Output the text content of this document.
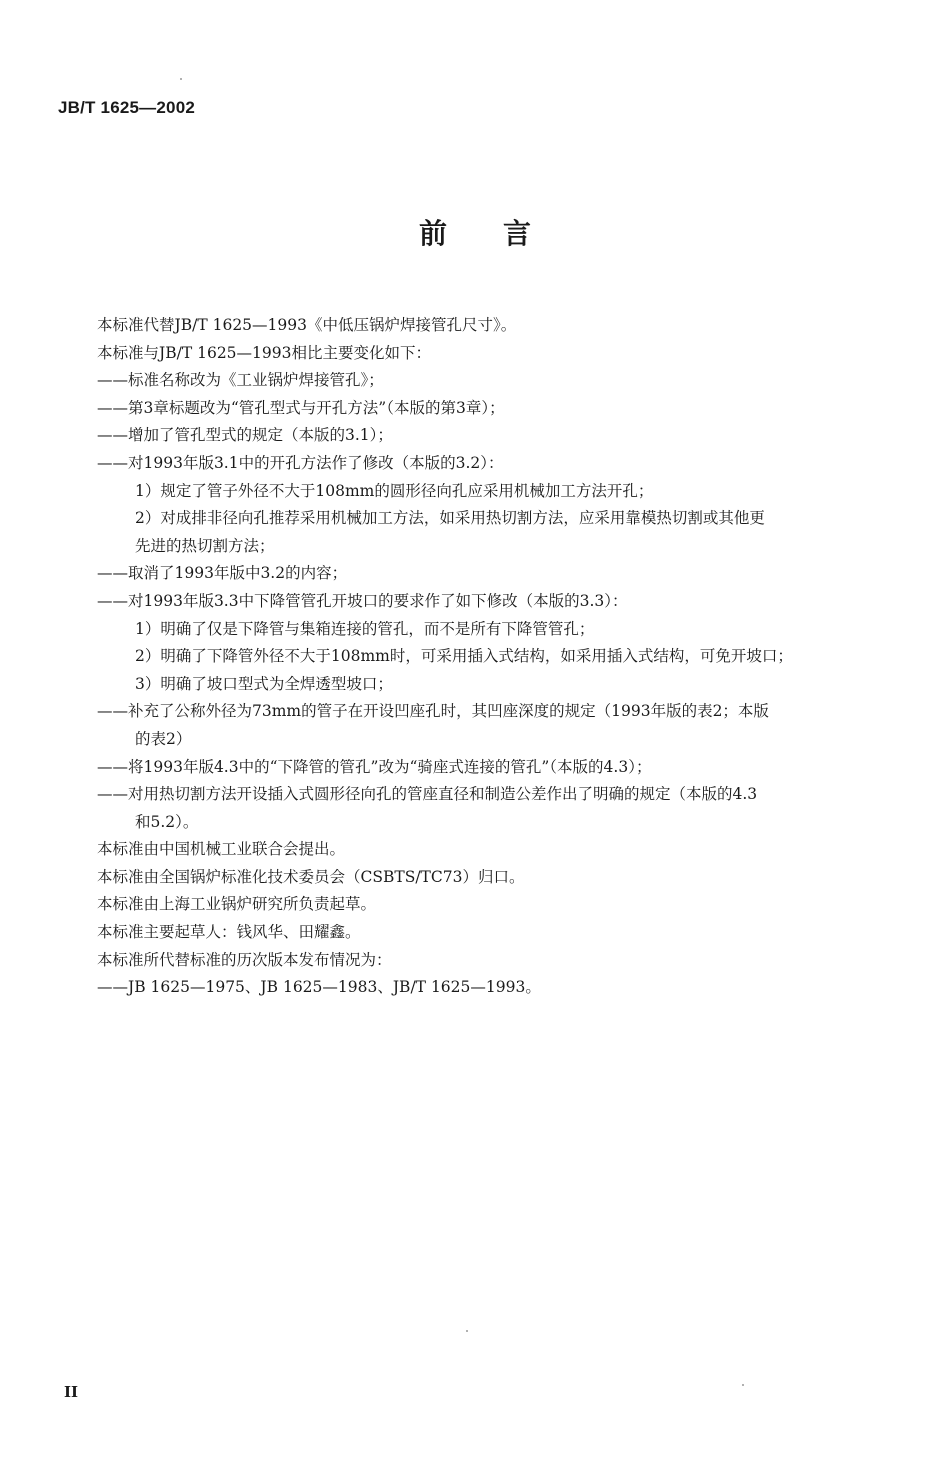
JB/T 1625—2002
前 言
本标准代替JB/T 1625—1993《中低压锅炉焊接管孔尺寸》。
本标准与JB/T 1625—1993相比主要变化如下：
——标准名称改为《工业锅炉焊接管孔》；
——第3章标题改为“管孔型式与开孔方法”（本版的第3章）；
——增加了管孔型式的规定（本版的3.1）；
——对1993年版3.1中的开孔方法作了修改（本版的3.2）：
1）规定了管子外径不大于108mm的圆形径向孔应采用机械加工方法开孔；
2）对成排非径向孔推荐采用机械加工方法，如采用热切割方法，应采用靠模热切割或其他更
先进的热切割方法；
——取消了1993年版中3.2的内容；
——对1993年版3.3中下降管管孔开坡口的要求作了如下修改（本版的3.3）：
1）明确了仅是下降管与集箱连接的管孔，而不是所有下降管管孔；
2）明确了下降管外径不大于108mm时，可采用插入式结构，如采用插入式结构，可免开坡口；
3）明确了坡口型式为全焊透型坡口；
——补充了公称外径为73mm的管子在开设凹座孔时，其凹座深度的规定（1993年版的表2；本版
的表2）
——将1993年版4.3中的“下降管的管孔”改为“骑座式连接的管孔”（本版的4.3）；
——对用热切割方法开设插入式圆形径向孔的管座直径和制造公差作出了明确的规定（本版的4.3
和5.2）。
本标准由中国机械工业联合会提出。
本标准由全国锅炉标准化技术委员会（CSBTS/TC73）归口。
本标准由上海工业锅炉研究所负责起草。
本标准主要起草人：钱风华、田耀鑫。
本标准所代替标准的历次版本发布情况为：
——JB 1625—1975、JB 1625—1983、JB/T 1625—1993。
II
